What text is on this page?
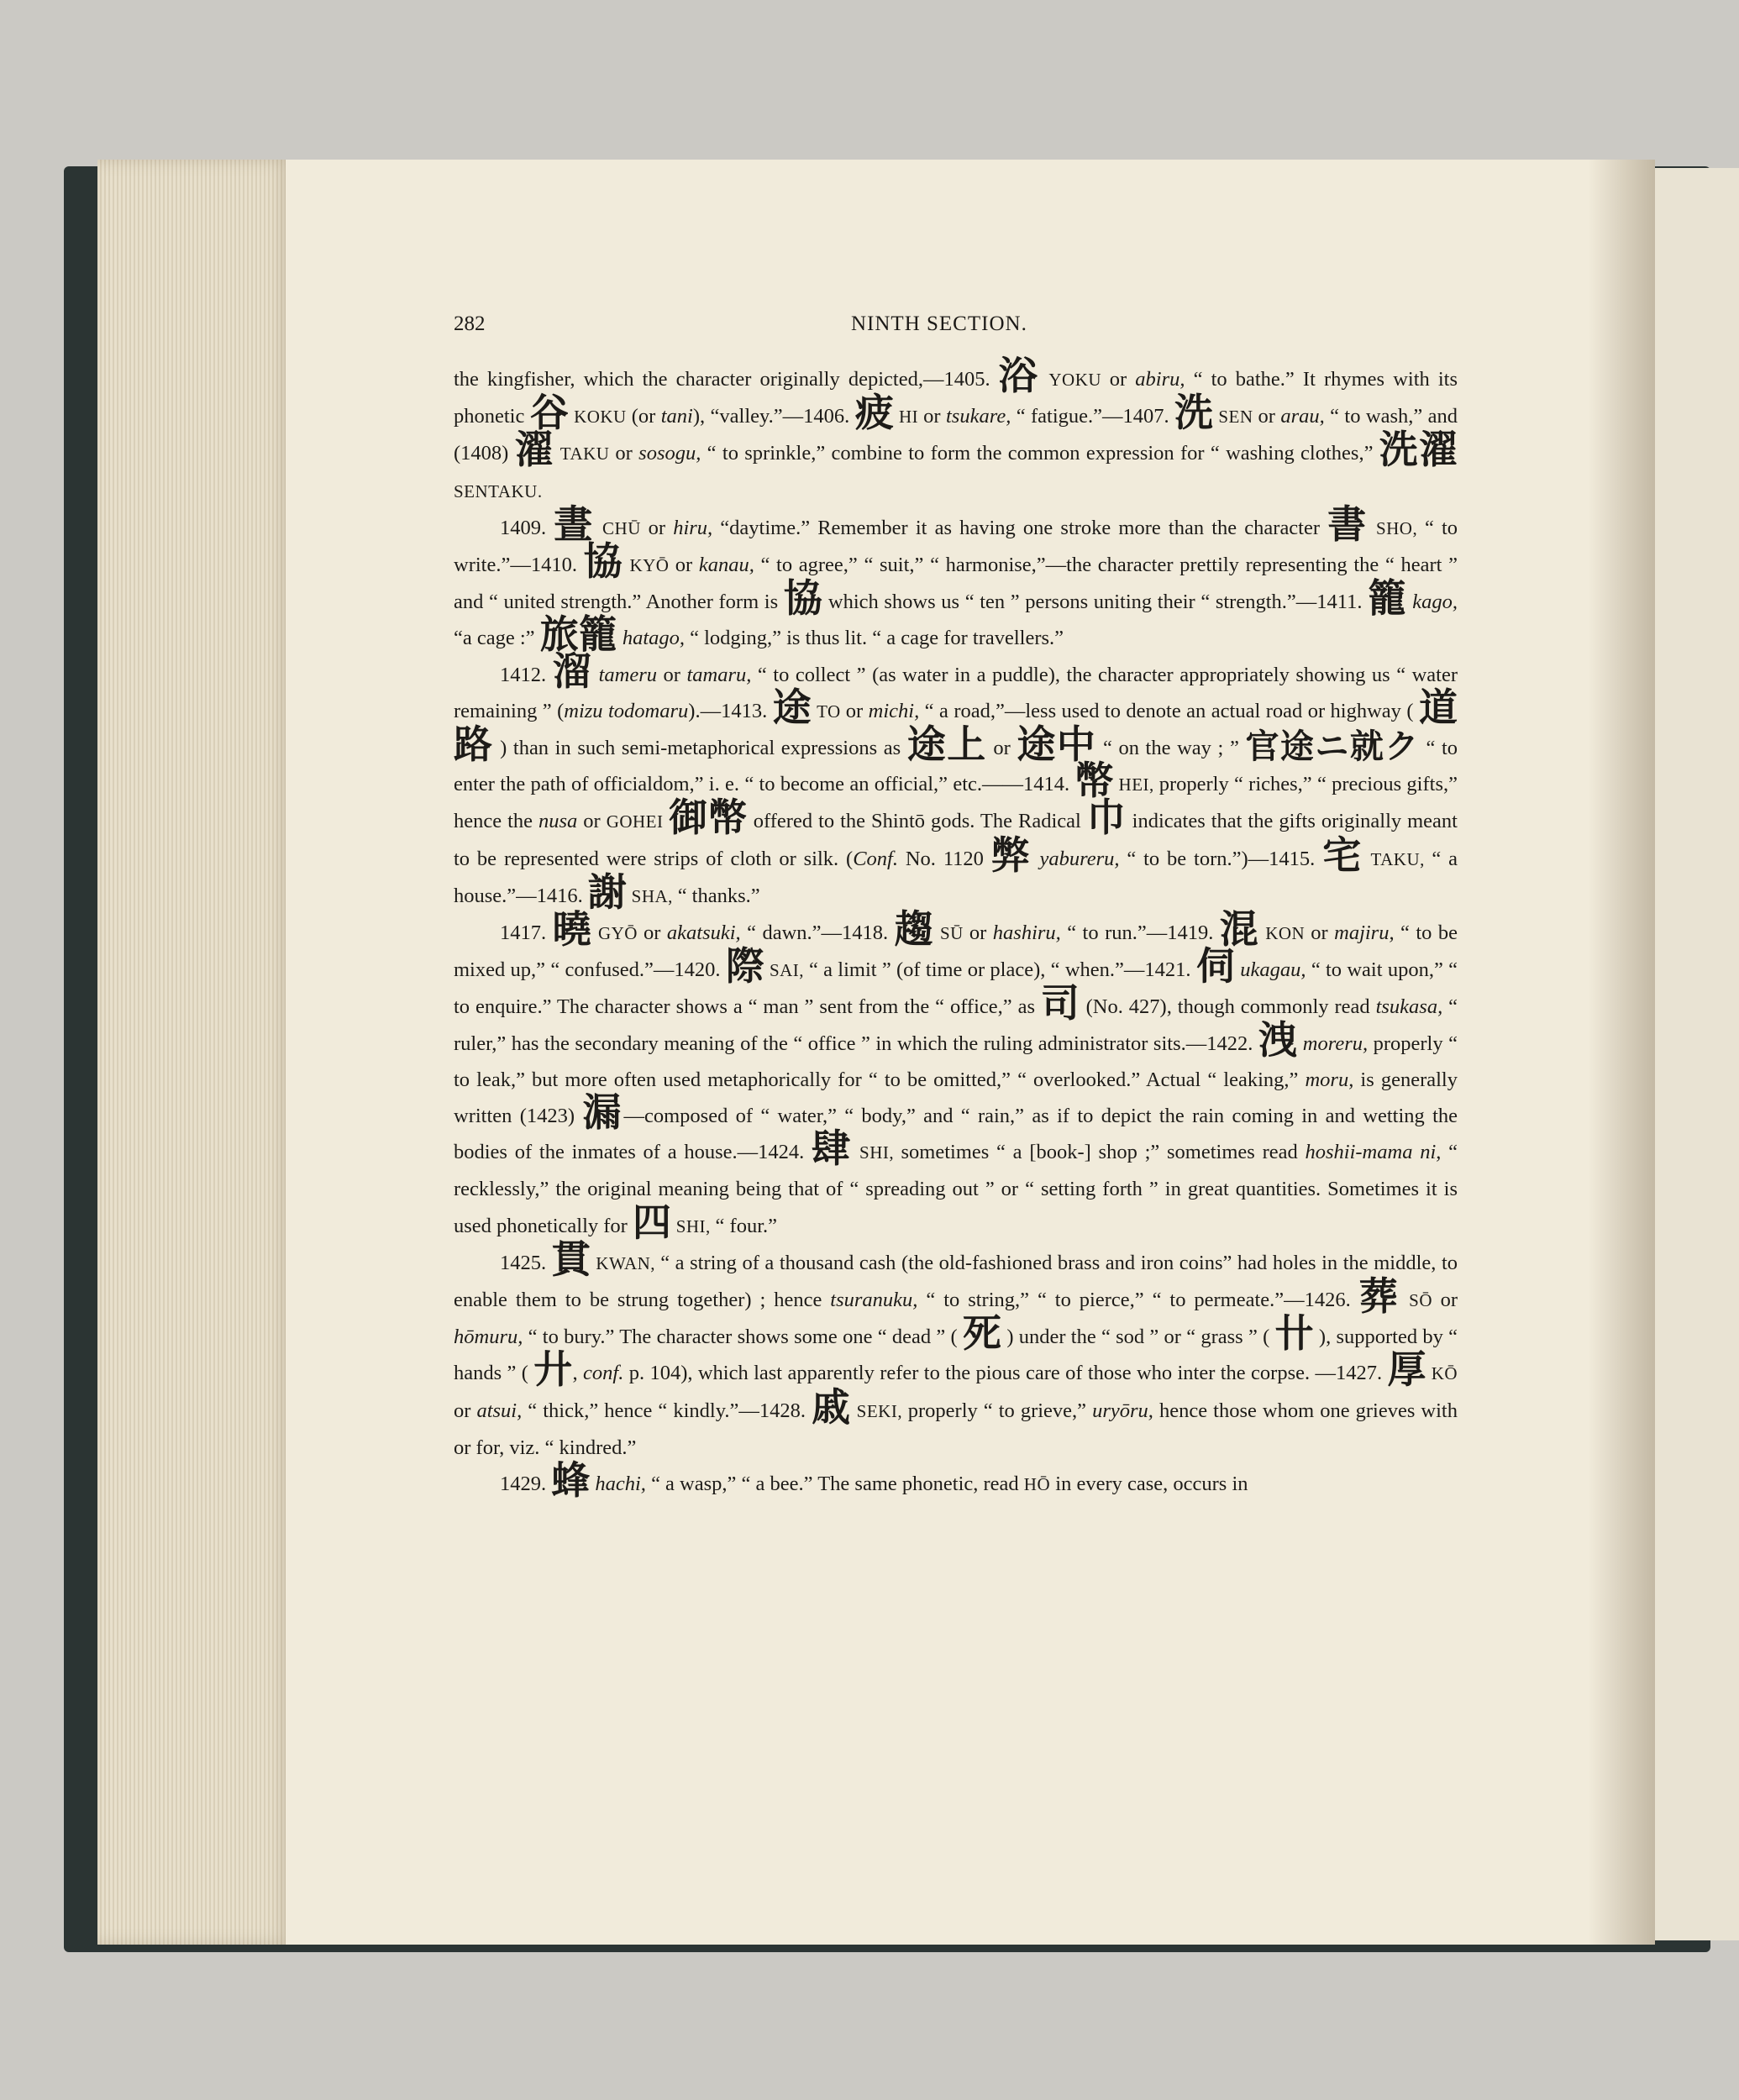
282	NINTH SECTION.

the kingfisher, which the character originally depicted,—1405. 浴 YOKU or abiru, “ to bathe.” It rhymes with its phonetic 谷 KOKU (or tani), “valley.”—1406. 疲 HI or tsukare, “ fatigue.”—1407. 洗 SEN or arau, “ to wash,” and (1408) 濯 TAKU or sosogu, “ to sprinkle,” combine to form the common expression for “ washing clothes,” 洗濯 SENTAKU.

1409. 晝 CHŪ or hiru, “daytime.” Remember it as having one stroke more than the character 書 SHO, “ to write.”—1410. 協 KYŌ or kanau, “ to agree,” “ suit,” “ harmonise,”—the character prettily representing the “ heart ” and “ united strength.” Another form is 協 which shows us “ ten ” persons uniting their “ strength.”—1411. 籠 kago, “a cage :” 旅籠 hatago, “ lodging,” is thus lit. “ a cage for travellers.”

1412. 溜 tameru or tamaru, “ to collect ” (as water in a puddle), the character appropriately showing us “ water remaining ” (mizu todomaru).—1413. 途 TO or michi, “ a road,”—less used to denote an actual road or highway ( 道路 ) than in such semi-metaphorical expressions as 途上 or 途中 “ on the way ; ” 官途ニ就ク “ to enter the path of officialdom,” i. e. “ to become an official,” etc.——1414. 幣 HEI, properly “ riches,” “ precious gifts,” hence the nusa or GOHEI 御幣 offered to the Shintō gods. The Radical 巾 indicates that the gifts originally meant to be represented were strips of cloth or silk. (Conf. No. 1120 弊 yabureru, “ to be torn.”)—1415. 宅 TAKU, “ a house.”—1416. 謝 SHA, “ thanks.”

1417. 曉 GYŌ or akatsuki, “ dawn.”—1418. 趨 SŪ or hashiru, “ to run.”—1419. 混 KON or majiru, “ to be mixed up,” “ confused.”—1420. 際 SAI, “ a limit ” (of time or place), “ when.”—1421. 伺 ukagau, “ to wait upon,” “ to enquire.” The character shows a “ man ” sent from the “ office,” as 司 (No. 427), though commonly read tsukasa, “ ruler,” has the secondary meaning of the “ office ” in which the ruling administrator sits.—1422. 洩 moreru, properly “ to leak,” but more often used metaphorically for “ to be omitted,” “ overlooked.” Actual “ leaking,” moru, is generally written (1423) 漏—composed of “ water,” “ body,” and “ rain,” as if to depict the rain coming in and wetting the bodies of the inmates of a house.—1424. 肆 SHI, sometimes “ a [book-] shop ;” sometimes read hoshii-mama ni, “ recklessly,” the original meaning being that of “ spreading out ” or “ setting forth ” in great quantities. Sometimes it is used phonetically for 四 SHI, “ four.”

1425. 貫 KWAN, “ a string of a thousand cash (the old-fashioned brass and iron coins” had holes in the middle, to enable them to be strung together) ; hence tsuranuku, “ to string,” “ to pierce,” “ to permeate.”—1426. 葬 SŌ or hōmuru, “ to bury.” The character shows some one “ dead ” ( 死 ) under the “ sod ” or “ grass ” ( 卄 ), supported by “ hands ” ( 廾, conf. p. 104), which last apparently refer to the pious care of those who inter the corpse. —1427. 厚 KŌ or atsui, “ thick,” hence “ kindly.”—1428. 戚 SEKI, properly “ to grieve,” uryōru, hence those whom one grieves with or for, viz. “ kindred.”

1429. 蜂 hachi, “ a wasp,” “ a bee.” The same phonetic, read HŌ in every case, occurs in
